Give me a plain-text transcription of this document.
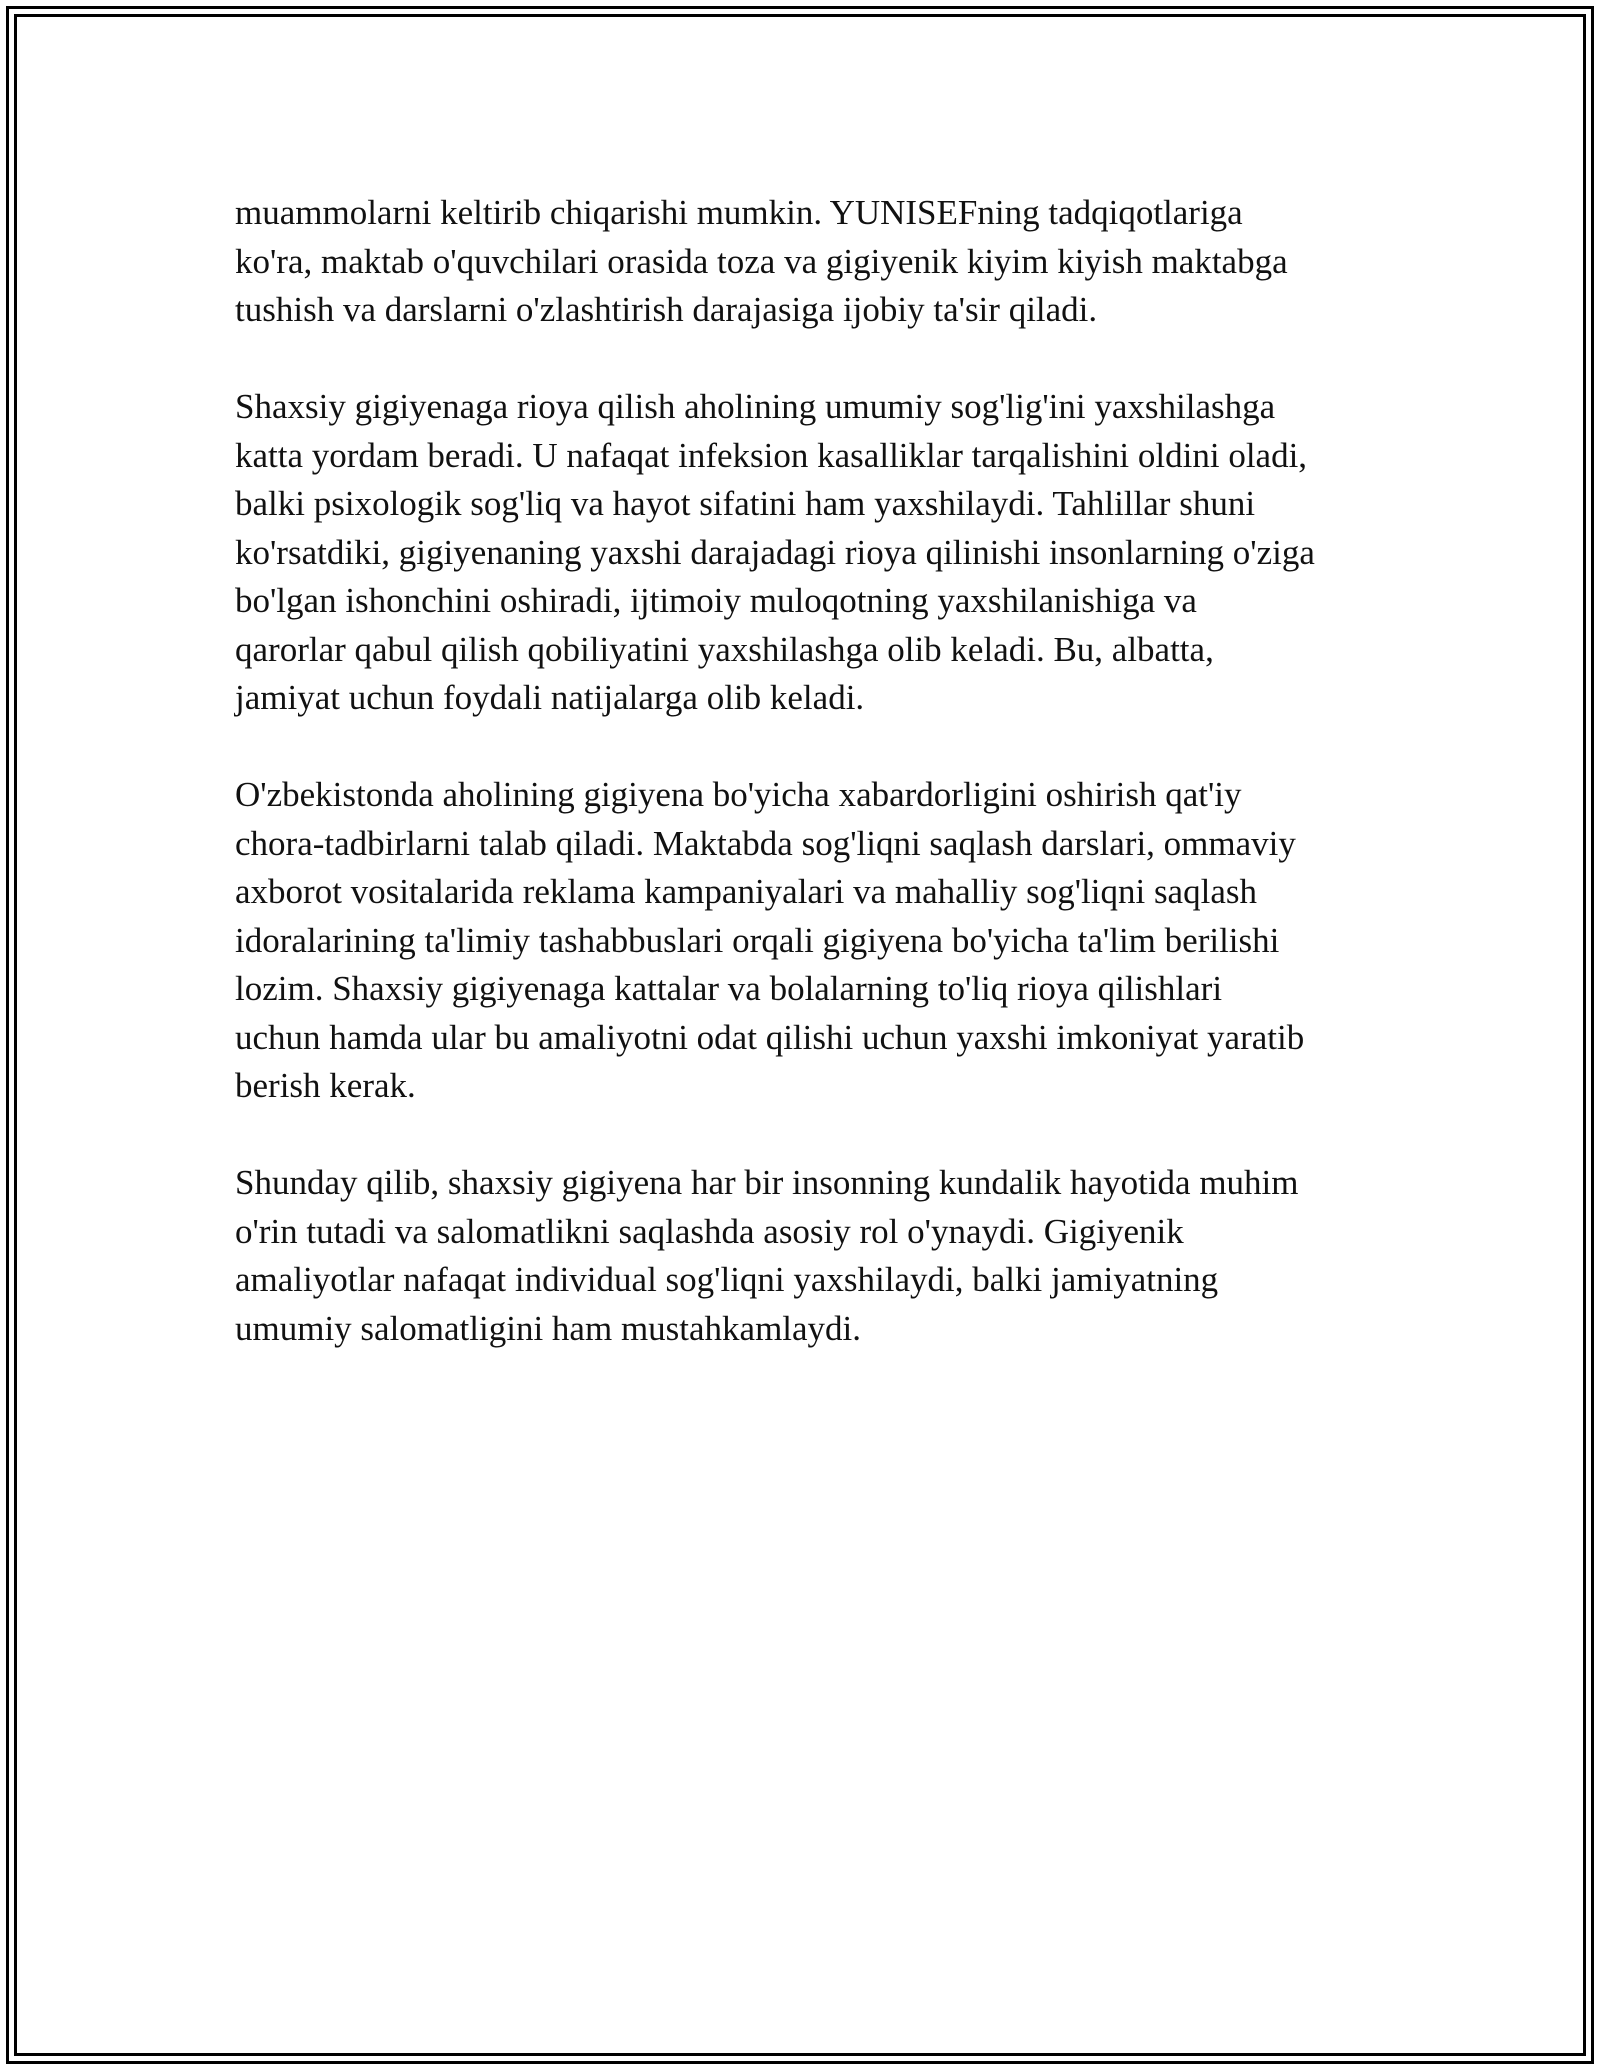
muammolarni keltirib chiqarishi mumkin. YUNISEFning tadqiqotlariga
ko'ra, maktab o'quvchilari orasida toza va gigiyenik kiyim kiyish maktabga
tushish va darslarni o'zlashtirish darajasiga ijobiy ta'sir qiladi.

Shaxsiy gigiyenaga rioya qilish aholining umumiy sog'lig'ini yaxshilashga
katta yordam beradi. U nafaqat infeksion kasalliklar tarqalishini oldini oladi,
balki psixologik sog'liq va hayot sifatini ham yaxshilaydi. Tahlillar shuni
ko'rsatdiki, gigiyenaning yaxshi darajadagi rioya qilinishi insonlarning o'ziga
bo'lgan ishonchini oshiradi, ijtimoiy muloqotning yaxshilanishiga va
qarorlar qabul qilish qobiliyatini yaxshilashga olib keladi. Bu, albatta,
jamiyat uchun foydali natijalarga olib keladi.

O'zbekistonda aholining gigiyena bo'yicha xabardorligini oshirish qat'iy
chora-tadbirlarni talab qiladi. Maktabda sog'liqni saqlash darslari, ommaviy
axborot vositalarida reklama kampaniyalari va mahalliy sog'liqni saqlash
idoralarining ta'limiy tashabbuslari orqali gigiyena bo'yicha ta'lim berilishi
lozim. Shaxsiy gigiyenaga kattalar va bolalarning to'liq rioya qilishlari
uchun hamda ular bu amaliyotni odat qilishi uchun yaxshi imkoniyat yaratib
berish kerak.

Shunday qilib, shaxsiy gigiyena har bir insonning kundalik hayotida muhim
o'rin tutadi va salomatlikni saqlashda asosiy rol o'ynaydi. Gigiyenik
amaliyotlar nafaqat individual sog'liqni yaxshilaydi, balki jamiyatning
umumiy salomatligini ham mustahkamlaydi.
